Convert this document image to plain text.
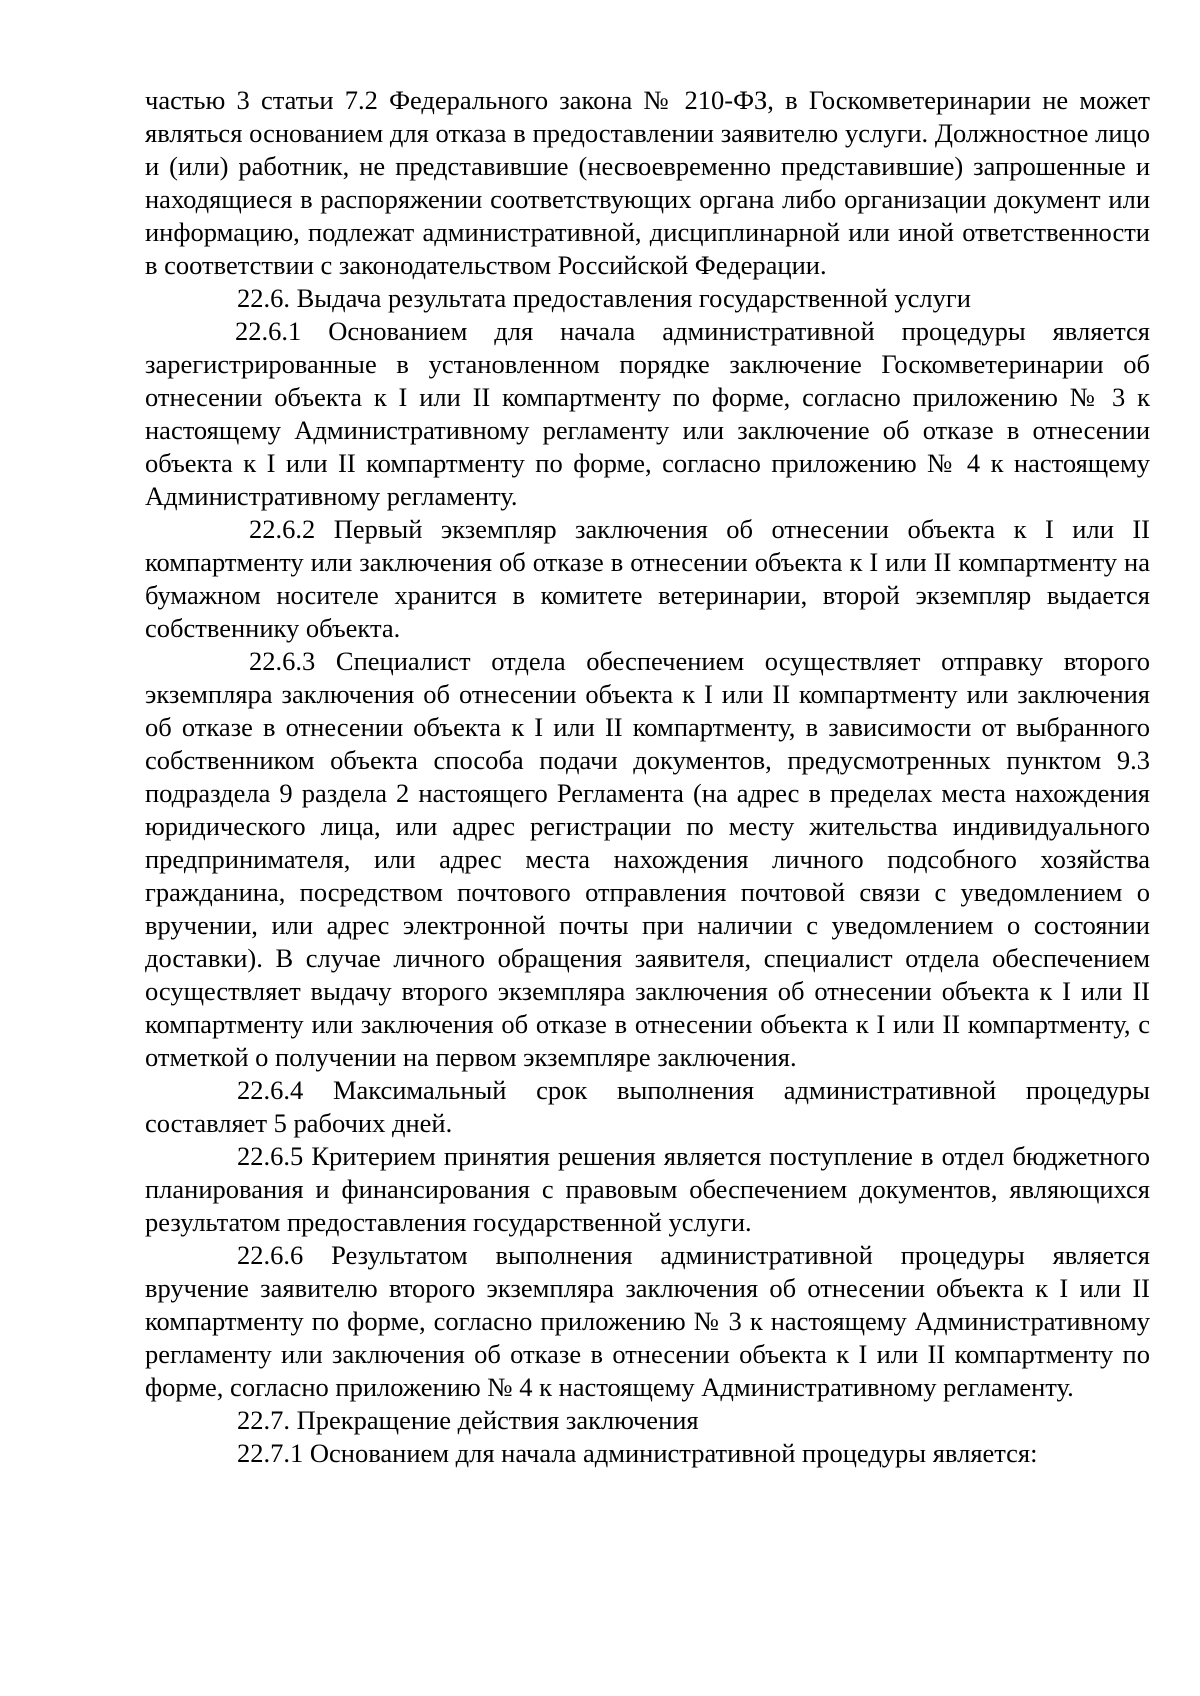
частью 3 статьи 7.2 Федерального закона № 210-ФЗ, в Госкомветеринарии не может являться основанием для отказа в предоставлении заявителю услуги. Должностное лицо и (или) работник, не представившие (несвоевременно представившие) запрошенные и находящиеся в распоряжении соответствующих органа либо организации документ или информацию, подлежат административной, дисциплинарной или иной ответственности в соответствии с законодательством Российской Федерации.

22.6. Выдача результата предоставления государственной услуги

22.6.1 Основанием для начала административной процедуры является зарегистрированные в установленном порядке заключение Госкомветеринарии об отнесении объекта к I или II компартменту по форме, согласно приложению № 3 к настоящему Административному регламенту или заключение об отказе в отнесении объекта к I или II компартменту по форме, согласно приложению № 4 к настоящему Административному регламенту.

22.6.2 Первый экземпляр заключения об отнесении объекта к I или II компартменту или заключения об отказе в отнесении объекта к I или II компартменту на бумажном носителе хранится в комитете ветеринарии, второй экземпляр выдается собственнику объекта.

22.6.3 Специалист отдела обеспечением осуществляет отправку второго экземпляра заключения об отнесении объекта к I или II компартменту или заключения об отказе в отнесении объекта к I или II компартменту, в зависимости от выбранного собственником объекта способа подачи документов, предусмотренных пунктом 9.3 подраздела 9 раздела 2 настоящего Регламента (на адрес в пределах места нахождения юридического лица, или адрес регистрации по месту жительства индивидуального предпринимателя, или адрес места нахождения личного подсобного хозяйства гражданина, посредством почтового отправления почтовой связи с уведомлением о вручении, или адрес электронной почты при наличии с уведомлением о состоянии доставки). В случае личного обращения заявителя, специалист отдела обеспечением осуществляет выдачу второго экземпляра заключения об отнесении объекта к I или II компартменту или заключения об отказе в отнесении объекта к I или II компартменту, с отметкой о получении на первом экземпляре заключения.

22.6.4 Максимальный срок выполнения административной процедуры составляет 5 рабочих дней.

22.6.5 Критерием принятия решения является поступление в отдел бюджетного планирования и финансирования с правовым обеспечением документов, являющихся результатом предоставления государственной услуги.

22.6.6 Результатом выполнения административной процедуры является вручение заявителю второго экземпляра заключения об отнесении объекта к I или II компартменту по форме, согласно приложению № 3 к настоящему Административному регламенту или заключения об отказе в отнесении объекта к I или II компартменту по форме, согласно приложению № 4 к настоящему Административному регламенту.

22.7. Прекращение действия заключения

22.7.1 Основанием для начала административной процедуры является:
